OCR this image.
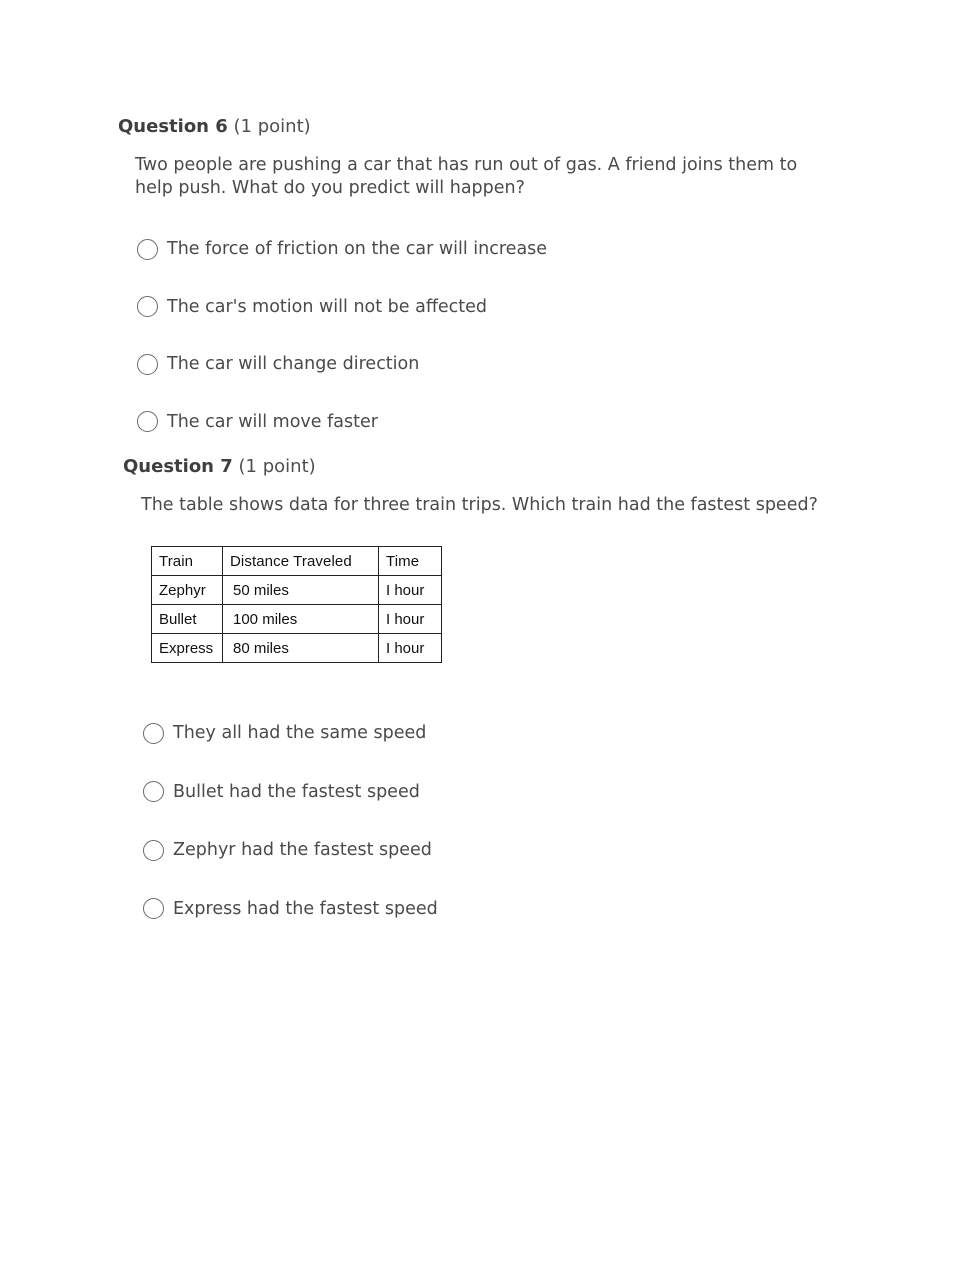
Question 6 (1 point)
Two people are pushing a car that has run out of gas. A friend joins them to help push. What do you predict will happen?
The force of friction on the car will increase
The car's motion will not be affected
The car will change direction
The car will move faster
Question 7 (1 point)
The table shows data for three train trips. Which train had the fastest speed?
Train	Distance Traveled	Time
Zephyr	50 miles	I hour
Bullet	100 miles	I hour
Express	80 miles	I hour
They all had the same speed
Bullet had the fastest speed
Zephyr had the fastest speed
Express had the fastest speed
